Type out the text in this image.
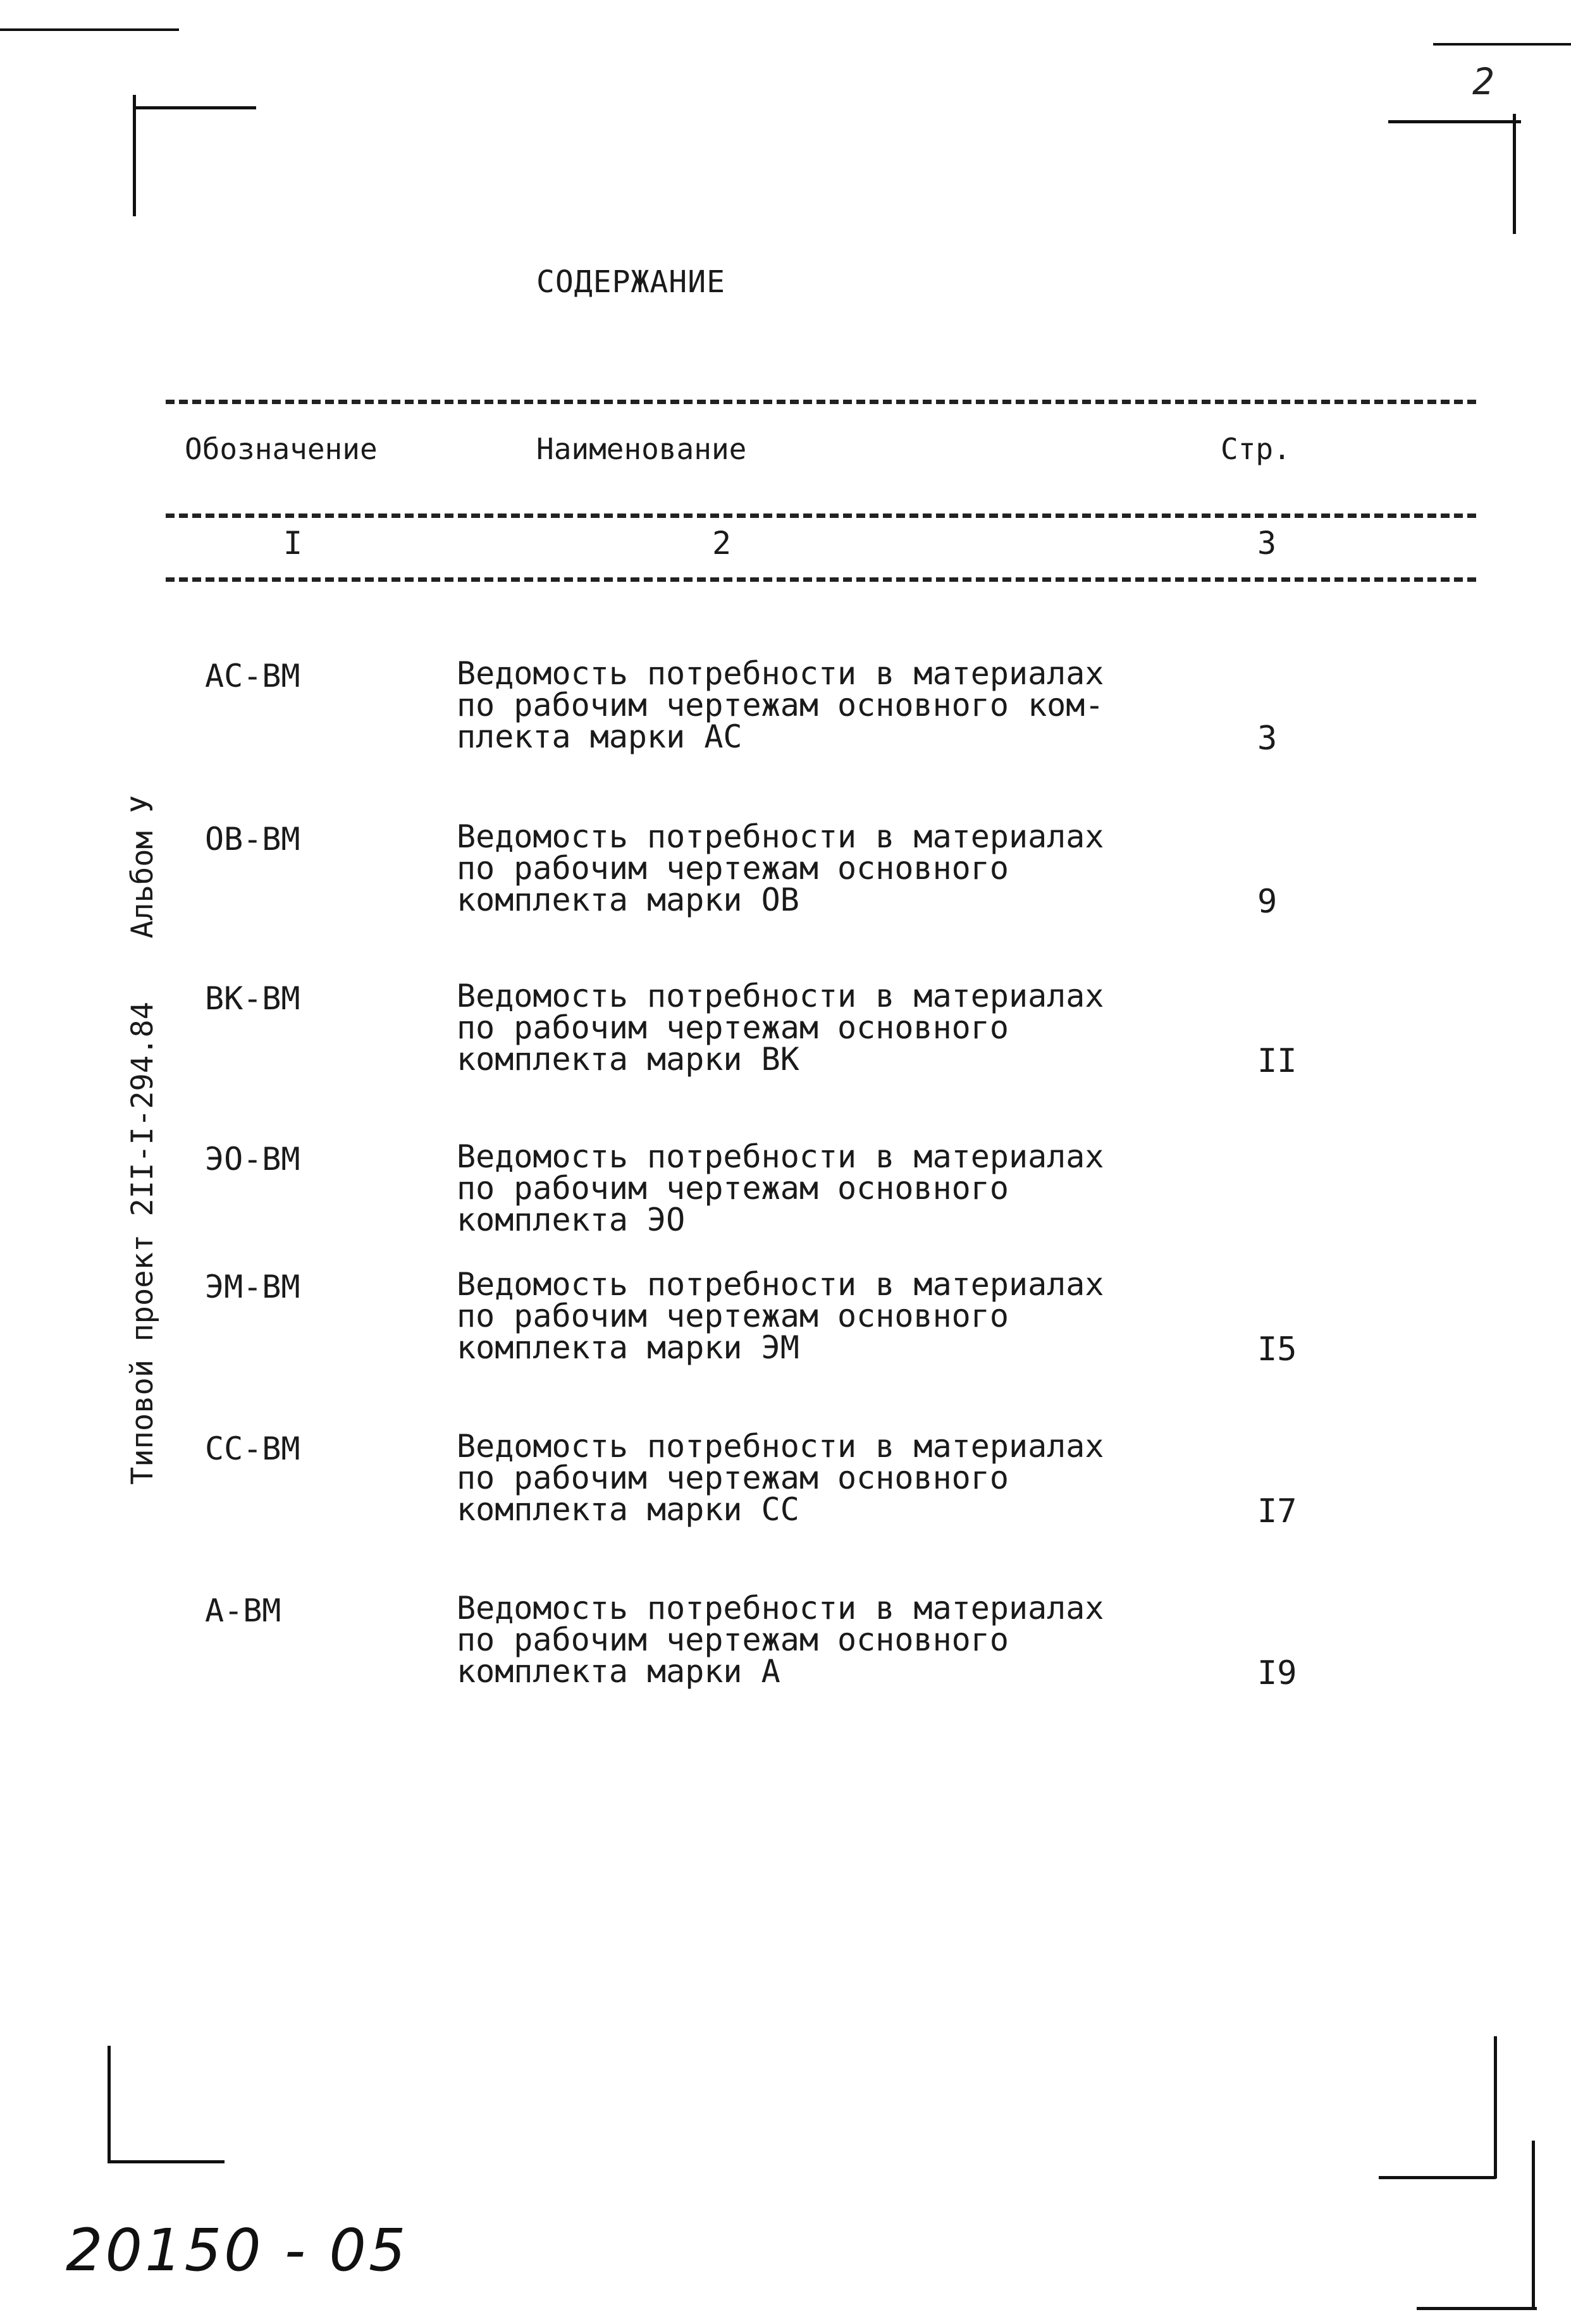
2
СОДЕРЖАНИЕ
Обозначение	Наименование	Стр.
I	2	3
Типовой проект 2II-I-294.84Альбом У
АС-ВМ	Ведомость потребности в материалах
по рабочим чертежам основного ком-
плекта марки АС	3
ОВ-ВМ	Ведомость потребности в материалах
по рабочим чертежам основного
комплекта марки ОВ	9
ВК-ВМ	Ведомость потребности в материалах
по рабочим чертежам основного
комплекта марки ВК	II
ЭО-ВМ	Ведомость потребности в материалах
по рабочим чертежам основного
комплекта ЭО
ЭМ-ВМ	Ведомость потребности в материалах
по рабочим чертежам основного
комплекта марки ЭМ	I5
СС-ВМ	Ведомость потребности в материалах
по рабочим чертежам основного
комплекта марки СС	I7
А-ВМ	Ведомость потребности в материалах
по рабочим чертежам основного
комплекта марки А	I9
20150 - 05
